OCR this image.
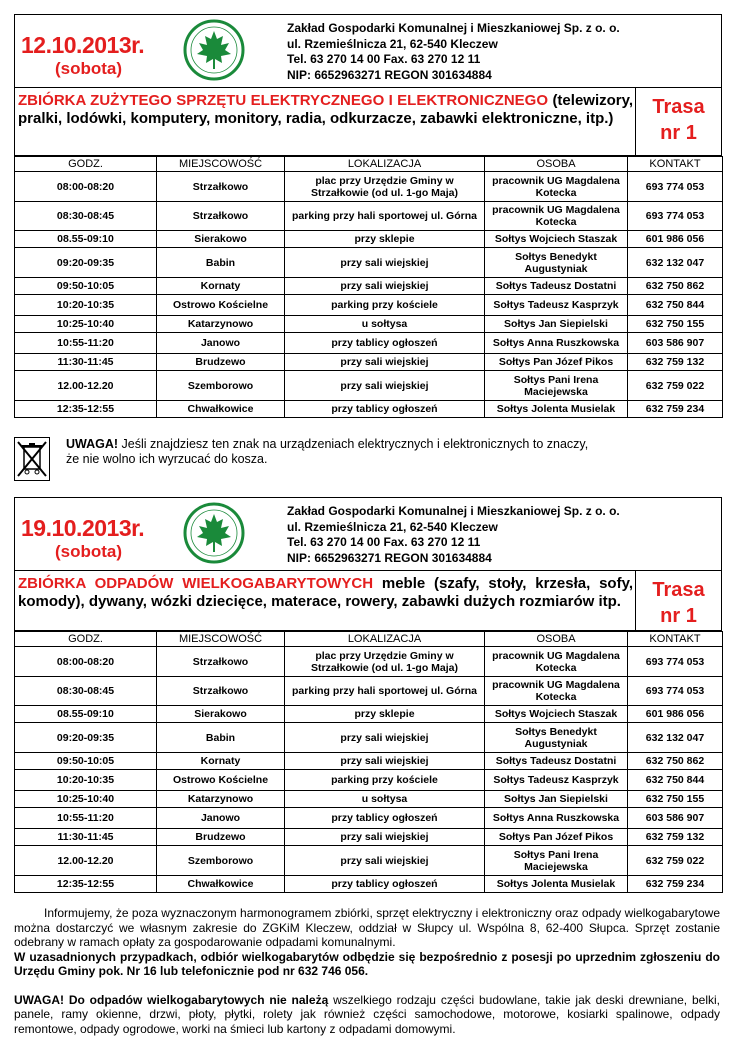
12.10.2013r.
(sobota)
Zakład Gospodarki Komunalnej i Mieszkaniowej Sp. z o. o.
ul. Rzemieślnicza 21, 62-540 Kleczew
Tel. 63 270 14 00 Fax. 63 270 12 11
NIP: 6652963271 REGON 301634884
ZBIÓRKA ZUŻYTEGO SPRZĘTU ELEKTRYCZNEGO I ELEKTRONICZNEGO (telewizory, pralki, lodówki, komputery, monitory, radia, odkurzacze, zabawki elektroniczne, itp.)
Trasa
nr 1
GODZ.	MIEJSCOWOŚĆ	LOKALIZACJA	OSOBA	KONTAKT
08:00-08:20	Strzałkowo	plac przy Urzędzie Gminy w Strzałkowie (od ul. 1-go Maja)	pracownik UG Magdalena Kotecka	693 774 053
08:30-08:45	Strzałkowo	parking przy hali sportowej ul. Górna	pracownik UG Magdalena Kotecka	693 774 053
08.55-09:10	Sierakowo	przy sklepie	Sołtys Wojciech Staszak	601 986 056
09:20-09:35	Babin	przy sali wiejskiej	Sołtys Benedykt Augustyniak	632 132 047
09:50-10:05	Kornaty	przy sali wiejskiej	Sołtys Tadeusz Dostatni	632 750 862
10:20-10:35	Ostrowo Kościelne	parking przy kościele	Sołtys Tadeusz Kasprzyk	632 750 844
10:25-10:40	Katarzynowo	u sołtysa	Sołtys Jan Siepielski	632 750 155
10:55-11:20	Janowo	przy tablicy ogłoszeń	Sołtys Anna Ruszkowska	603 586 907
11:30-11:45	Brudzewo	przy sali wiejskiej	Sołtys Pan Józef Pikos	632 759 132
12.00-12.20	Szemborowo	przy sali wiejskiej	Sołtys Pani Irena Maciejewska	632 759 022
12:35-12:55	Chwałkowice	przy tablicy ogłoszeń	Sołtys Jolenta Musielak	632 759 234
UWAGA! Jeśli znajdziesz ten znak na urządzeniach elektrycznych i elektronicznych to znaczy,
że nie wolno ich wyrzucać do kosza.
19.10.2013r.
(sobota)
Zakład Gospodarki Komunalnej i Mieszkaniowej Sp. z o. o.
ul. Rzemieślnicza 21, 62-540 Kleczew
Tel. 63 270 14 00 Fax. 63 270 12 11
NIP: 6652963271 REGON 301634884
ZBIÓRKA ODPADÓW WIELKOGABARYTOWYCH meble (szafy, stoły, krzesła, sofy, komody), dywany, wózki dziecięce, materace, rowery, zabawki dużych rozmiarów itp.
Trasa
nr 1
GODZ.	MIEJSCOWOŚĆ	LOKALIZACJA	OSOBA	KONTAKT
08:00-08:20	Strzałkowo	plac przy Urzędzie Gminy w Strzałkowie (od ul. 1-go Maja)	pracownik UG Magdalena Kotecka	693 774 053
08:30-08:45	Strzałkowo	parking przy hali sportowej ul. Górna	pracownik UG Magdalena Kotecka	693 774 053
08.55-09:10	Sierakowo	przy sklepie	Sołtys Wojciech Staszak	601 986 056
09:20-09:35	Babin	przy sali wiejskiej	Sołtys Benedykt Augustyniak	632 132 047
09:50-10:05	Kornaty	przy sali wiejskiej	Sołtys Tadeusz Dostatni	632 750 862
10:20-10:35	Ostrowo Kościelne	parking przy kościele	Sołtys Tadeusz Kasprzyk	632 750 844
10:25-10:40	Katarzynowo	u sołtysa	Sołtys Jan Siepielski	632 750 155
10:55-11:20	Janowo	przy tablicy ogłoszeń	Sołtys Anna Ruszkowska	603 586 907
11:30-11:45	Brudzewo	przy sali wiejskiej	Sołtys Pan Józef Pikos	632 759 132
12.00-12.20	Szemborowo	przy sali wiejskiej	Sołtys Pani Irena Maciejewska	632 759 022
12:35-12:55	Chwałkowice	przy tablicy ogłoszeń	Sołtys Jolenta Musielak	632 759 234

Informujemy, że poza wyznaczonym harmonogramem zbiórki, sprzęt elektryczny i elektroniczny oraz odpady wielkogabarytowe można dostarczyć we własnym zakresie do ZGKiM Kleczew, oddział w Słupcy ul. Wspólna 8, 62-400 Słupca. Sprzęt zostanie odebrany w ramach opłaty za gospodarowanie odpadami komunalnymi.

W uzasadnionych przypadkach, odbiór wielkogabarytów odbędzie się bezpośrednio z posesji po uprzednim zgłoszeniu do Urzędu Gminy pok. Nr 16 lub telefonicznie pod nr 632 746 056.

UWAGA! Do odpadów wielkogabarytowych nie należą wszelkiego rodzaju części budowlane, takie jak deski drewniane, belki, panele, ramy okienne, drzwi, płoty, płytki, rolety jak również części samochodowe, motorowe, kosiarki spalinowe, odpady remontowe, odpady ogrodowe, worki na śmieci lub kartony z odpadami domowymi.
